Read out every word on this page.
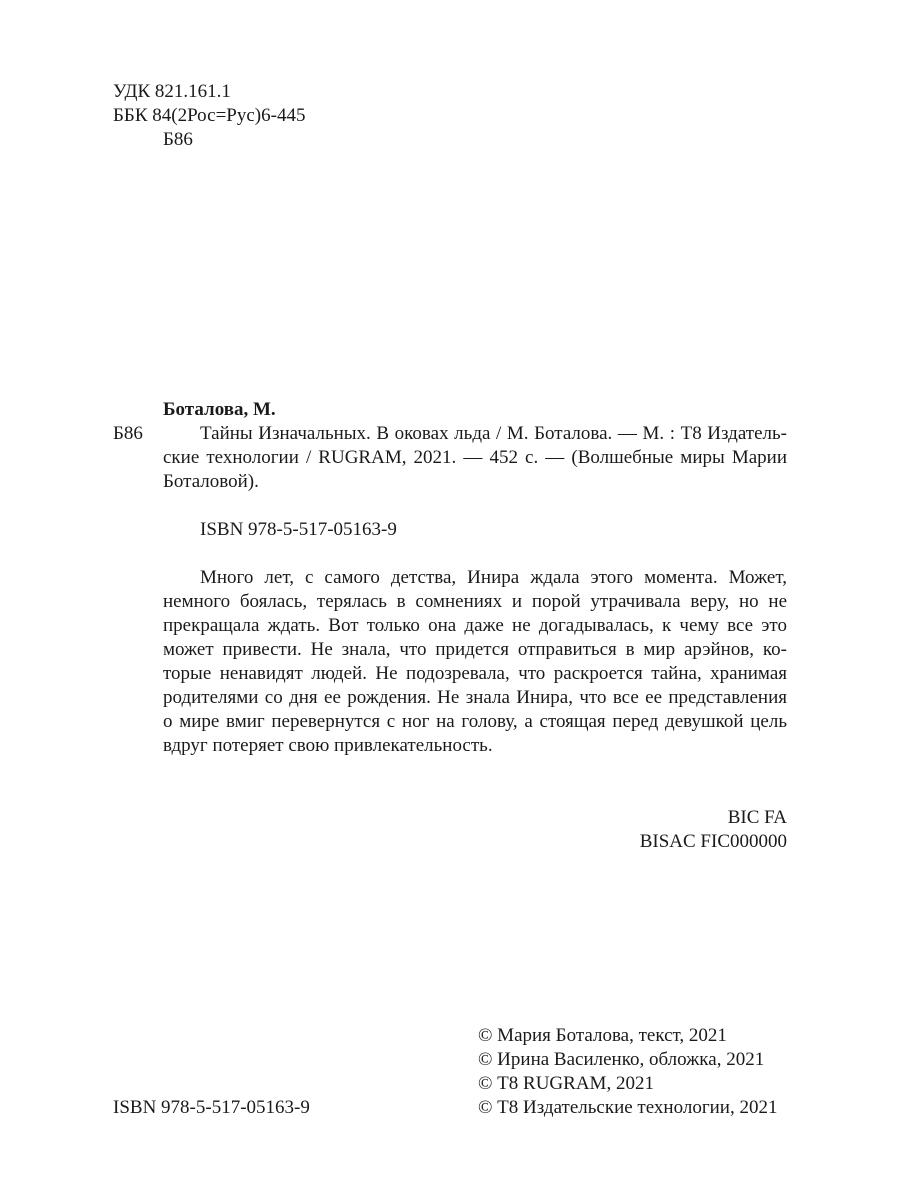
УДК 821.161.1
ББК 84(2Рос=Рус)6-445
Б86
Боталова, М.
Б86	Тайны Изначальных. В оковах льда / М. Боталова. — М. : Т8 Издатель-
ские технологии / RUGRAM, 2021. — 452 с. — (Волшебные миры Марии
Боталовой).
ISBN 978-5-517-05163-9
Много лет, с самого детства, Инира ждала этого момента. Может,
немного боялась, терялась в сомнениях и порой утрачивала веру, но не
прекращала ждать. Вот только она даже не догадывалась, к чему все это
может привести. Не знала, что придется отправиться в мир арэйнов, ко-
торые ненавидят людей. Не подозревала, что раскроется тайна, хранимая
родителями со дня ее рождения. Не знала Инира, что все ее представления
о мире вмиг перевернутся с ног на голову, а стоящая перед девушкой цель
вдруг потеряет свою привлекательность.
BIC FA
BISAC FIC000000
ISBN 978-5-517-05163-9
© Мария Боталова, текст, 2021
© Ирина Василенко, обложка, 2021
© Т8 RUGRAM, 2021
© Т8 Издательские технологии, 2021
